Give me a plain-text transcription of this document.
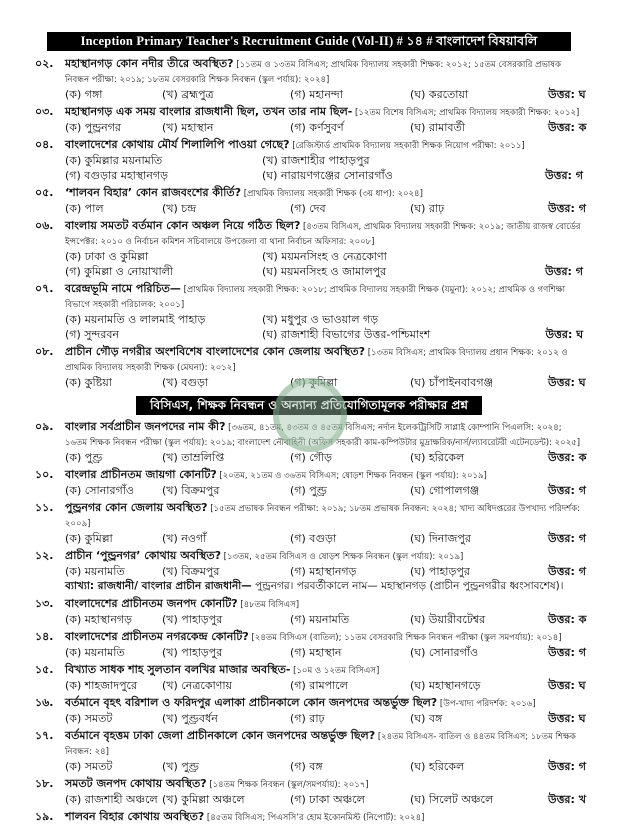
Inception Primary Teacher's Recruitment Guide (Vol-II) # ১৪ # বাংলাদেশ বিষয়াবলি
০২.	মহাস্থানগড় কোন নদীর তীরে অবস্থিত? [১১তম ও ১৩তম বিসিএস; প্রাথমিক বিদ্যালয় সহকারী শিক্ষক: ২০১২; ১৫তম বেসরকারি প্রভাষক নিবন্ধন পরীক্ষা: ২০১৯; ১৮তম বেসরকারি শিক্ষক নিবন্ধন (স্কুল পর্যায়): ২০২৪]
(ক) গঙ্গা	(খ) ব্রহ্মপুত্র	(গ) মহানন্দা	(ঘ) করতোয়া	উত্তর: ঘ
০৩.	মহাস্থানগড় এক সময় বাংলার রাজধানী ছিল, তখন তার নাম ছিল- [১২তম বিশেষ বিসিএস; প্রাথমিক বিদ্যালয় সহকারী শিক্ষক: ২০১২]
(ক) পুন্ড্রনগর	(খ) মহাস্থান	(গ) কর্ণসুবর্ণ	(ঘ) রামাবর্তী	উত্তর: ক
০৪.	বাংলাদেশের কোথায় মৌর্য শিলালিপি পাওয়া গেছে? [রেজিস্টার্ড প্রাথমিক বিদ্যালয় সহকারী শিক্ষক নিয়োগ পরীক্ষা: ২০১১]
(ক) কুমিল্লার ময়নামতি	(খ) রাজশাহীর পাহাড়পুর
(গ) বগুড়ার মহাস্থানগড়	(ঘ) নারায়ণগঞ্জের সোনারগাঁও	উত্তর: গ
০৫.	‘শালবন বিহার’ কোন রাজবংশের কীর্তি? [প্রাথমিক বিদ্যালয় সহকারী শিক্ষক (৩য় ধাপ): ২০২৪]
(ক) পাল	(খ) চন্দ্র	(গ) দেব	(ঘ) রাঢ়	উত্তর: গ
০৬.	বাংলায় সমতট বর্তমান কোন অঞ্চল নিয়ে গঠিত ছিল? [৪৩তম বিসিএস, প্রাথমিক বিদ্যালয় সহকারী শিক্ষক: ২০১৯; জাতীয় রাজস্ব বোর্ডের ইন্সপেক্টর: ২০১০ ও নির্বাচন কমিশন সচিবালয়ে উপজেলা বা থানা নির্বাচন অফিসার: ২০০৮]
(ক) ঢাকা ও কুমিল্লা	(খ) ময়মনসিংহ ও নেত্রকোণা
(গ) কুমিল্লা ও নোয়াখালী	(ঘ) ময়মনসিংহ ও জামালপুর	উত্তর: গ
০৭.	বরেন্দ্রভূমি নামে পরিচিত— [প্রাথমিক বিদ্যালয় সহকারী শিক্ষক: ২০১৮; প্রাথমিক বিদ্যালয় সহকারী শিক্ষক (যমুনা): ২০১২; প্রাথমিক ও গণশিক্ষা বিভাগে সহকারী পরিচালক: ২০০১]
(ক) ময়নামতি ও লালমাই পাহাড়	(খ) মধুপুর ও ভাওয়াল গড়
(গ) সুন্দরবন	(ঘ) রাজশাহী বিভাগের উত্তর-পশ্চিমাংশ	উত্তর: ঘ
০৮.	প্রাচীন গৌড় নগরীর অংশবিশেষ বাংলাদেশের কোন জেলায় অবস্থিত? [১৩তম বিসিএস; প্রাথমিক বিদ্যালয় প্রধান শিক্ষক: ২০১২ ও প্রাথমিক বিদ্যালয় সহকারী শিক্ষক (মেঘনা): ২০১২]
(ক) কুষ্টিয়া	(খ) বগুড়া	(গ) কুমিল্লা	(ঘ) চাঁপাইনবাবগঞ্জ	উত্তর: ঘ
বিসিএস, শিক্ষক নিবন্ধন ও অন্যান্য প্রতিযোগিতামূলক পরীক্ষার প্রশ্ন
০৯.	বাংলার সর্বপ্রাচীন জনপদের নাম কী? [৩৬তম, ৪১তম, ৪৩তম ও ৪৫তম বিসিএস; নর্দান ইলেকট্রিসিটি সাপ্লাই কোম্পানি পিএলসি: ২০২৪; ১৬তম শিক্ষক নিবন্ধন পরীক্ষা (স্কুল পর্যায়): ২০১৯; বাংলাদেশ নৌবাহিনী (অফিস সহকারী কাম-কম্পিউটার মুদ্রাক্ষরিক/নার্স/ল্যাবরেটরী এটেনডেন্ট): ২০২৫]
(ক) পুণ্ড্র	(খ) তাম্রলিপ্তি	(গ) গৌড়	(ঘ) হরিকেল	উত্তর: ক
১০.	বাংলার প্রাচীনতম জায়গা কোনটি? [২০তম, ২১তম ও ৩৬তম বিসিএস; ষোড়শ শিক্ষক নিবন্ধন (স্কুল পর্যায়): ২০১৯]
(ক) সোনারগাঁও	(খ) বিক্রমপুর	(গ) পুণ্ড্র	(ঘ) গোপালগঞ্জ	উত্তর: গ
১১.	পুন্ড্রনগর কোন জেলায় অবস্থিত? [১৫তম প্রভাষক নিবন্ধন পরীক্ষা: ২০১৯; ১৮তম প্রভাষক নিবন্ধন: ২০২৪; খাদ্য অধিদপ্তরের উপখাদ্য পরিদর্শক: ২০০৯]
(ক) কুমিল্লা	(খ) নওগাঁ	(গ) বগুড়া	(ঘ) দিনাজপুর	উত্তর: গ
১২.	প্রাচীন ‘পুন্ড্রনগর’ কোথায় অবস্থিত? [১৩তম, ২৫তম বিসিএস ও ষোড়শ শিক্ষক নিবন্ধন (স্কুল পর্যায়): ২০১৯]
(ক) ময়নামতি	(খ) বিক্রমপুর	(গ) মহাস্থানগড়	(ঘ) পাহাড়পুর	উত্তর: গ
ব্যাখ্যা: রাজধানী/ বাংলার প্রাচীন রাজধানী— পুন্ড্রনগর। পরবর্তীকালে নাম— মহাস্থানগড় (প্রাচীন পুন্ড্রনগরীর ধ্বংসাবশেষ)।
১৩.	বাংলাদেশের প্রাচীনতম জনপদ কোনটি? [৪৮তম বিসিএস]
(ক) মহাস্থানগড়	(খ) পাহাড়পুর	(গ) ময়নামতি	(ঘ) উয়ারীবটেশ্বর	উত্তর: ক
১৪.	বাংলাদেশের প্রাচীনতম নগরকেন্দ্র কোনটি? [২৪তম বিসিএস (বাতিল); ১১তম বেসরকারি শিক্ষক নিবন্ধন পরীক্ষা (স্কুল সমপর্যায়): ২০১৪]
(ক) ময়নামতি	(খ) পাহাড়পুর	(গ) মহাস্থান	(ঘ) সোনারগাঁও	উত্তর: গ
১৫.	বিখ্যাত সাধক শাহ সুলতান বলখির মাজার অবস্থিত- [১০ম ও ১২তম বিসিএস]
(ক) শাহজাদপুরে	(খ) নেত্রকোণায়	(গ) রামপালে	(ঘ) মহাস্থানগড়ে	উত্তর: ঘ
১৬.	বর্তমানে বৃহৎ বরিশাল ও ফরিদপুর এলাকা প্রাচীনকালে কোন জনপদের অন্তর্ভুক্ত ছিল? [উপ-খাদ্য পরিদর্শক: ২০১৬]
(ক) সমতট	(খ) পুণ্ড্রবর্ধন	(গ) রাঢ়	(ঘ) বঙ্গ	উত্তর: ঘ
১৭.	বর্তমানে বৃহত্তম ঢাকা জেলা প্রাচীনকালে কোন জনপদের অন্তর্ভুক্ত ছিল? [২৪তম বিসিএস- বাতিল ও ৪৪তম বিসিএস; ১৮তম শিক্ষক নিবন্ধন: ২৪]
(ক) সমতট	(খ) পুণ্ড্র	(গ) বঙ্গ	(ঘ) হরিকেল	উত্তর: গ
১৮.	সমতট জনপদ কোথায় অবস্থিত? [১৪তম শিক্ষক নিবন্ধন (স্কুল/সমপর্যায়): ২০১৭]
(ক) রাজশাহী অঞ্চলে (খ) কুমিল্লা অঞ্চলে	(গ) ঢাকা অঞ্চলে	(ঘ) সিলেট অঞ্চলে	উত্তর: খ
১৯.	শালবন বিহার কোথায় অবস্থিত? [৪৫তম বিসিএস; পিএসসি’র হোম ইকোনমিস্ট (নিপোর্ট): ২০২৪]
